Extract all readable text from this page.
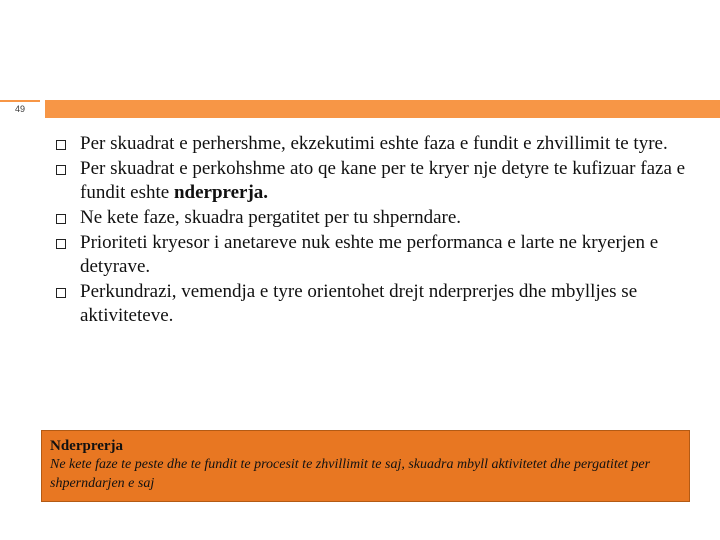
49
Per skuadrat e perhershme, ekzekutimi eshte faza e fundit e zhvillimit te tyre.
Per skuadrat e perkohshme ato qe kane per te kryer nje detyre te kufizuar faza e fundit eshte nderprerja.
Ne kete faze, skuadra pergatitet per tu shperndare.
Prioriteti kryesor i anetareve nuk eshte me performanca e larte ne kryerjen e detyrave.
Perkundrazi, vemendja e tyre orientohet drejt nderprerjes dhe mbylljes se aktiviteteve.
Nderprerja
Ne kete faze te peste dhe te fundit te procesit te zhvillimit te saj, skuadra mbyll aktivitetet dhe pergatitet per shperndarjen e saj
